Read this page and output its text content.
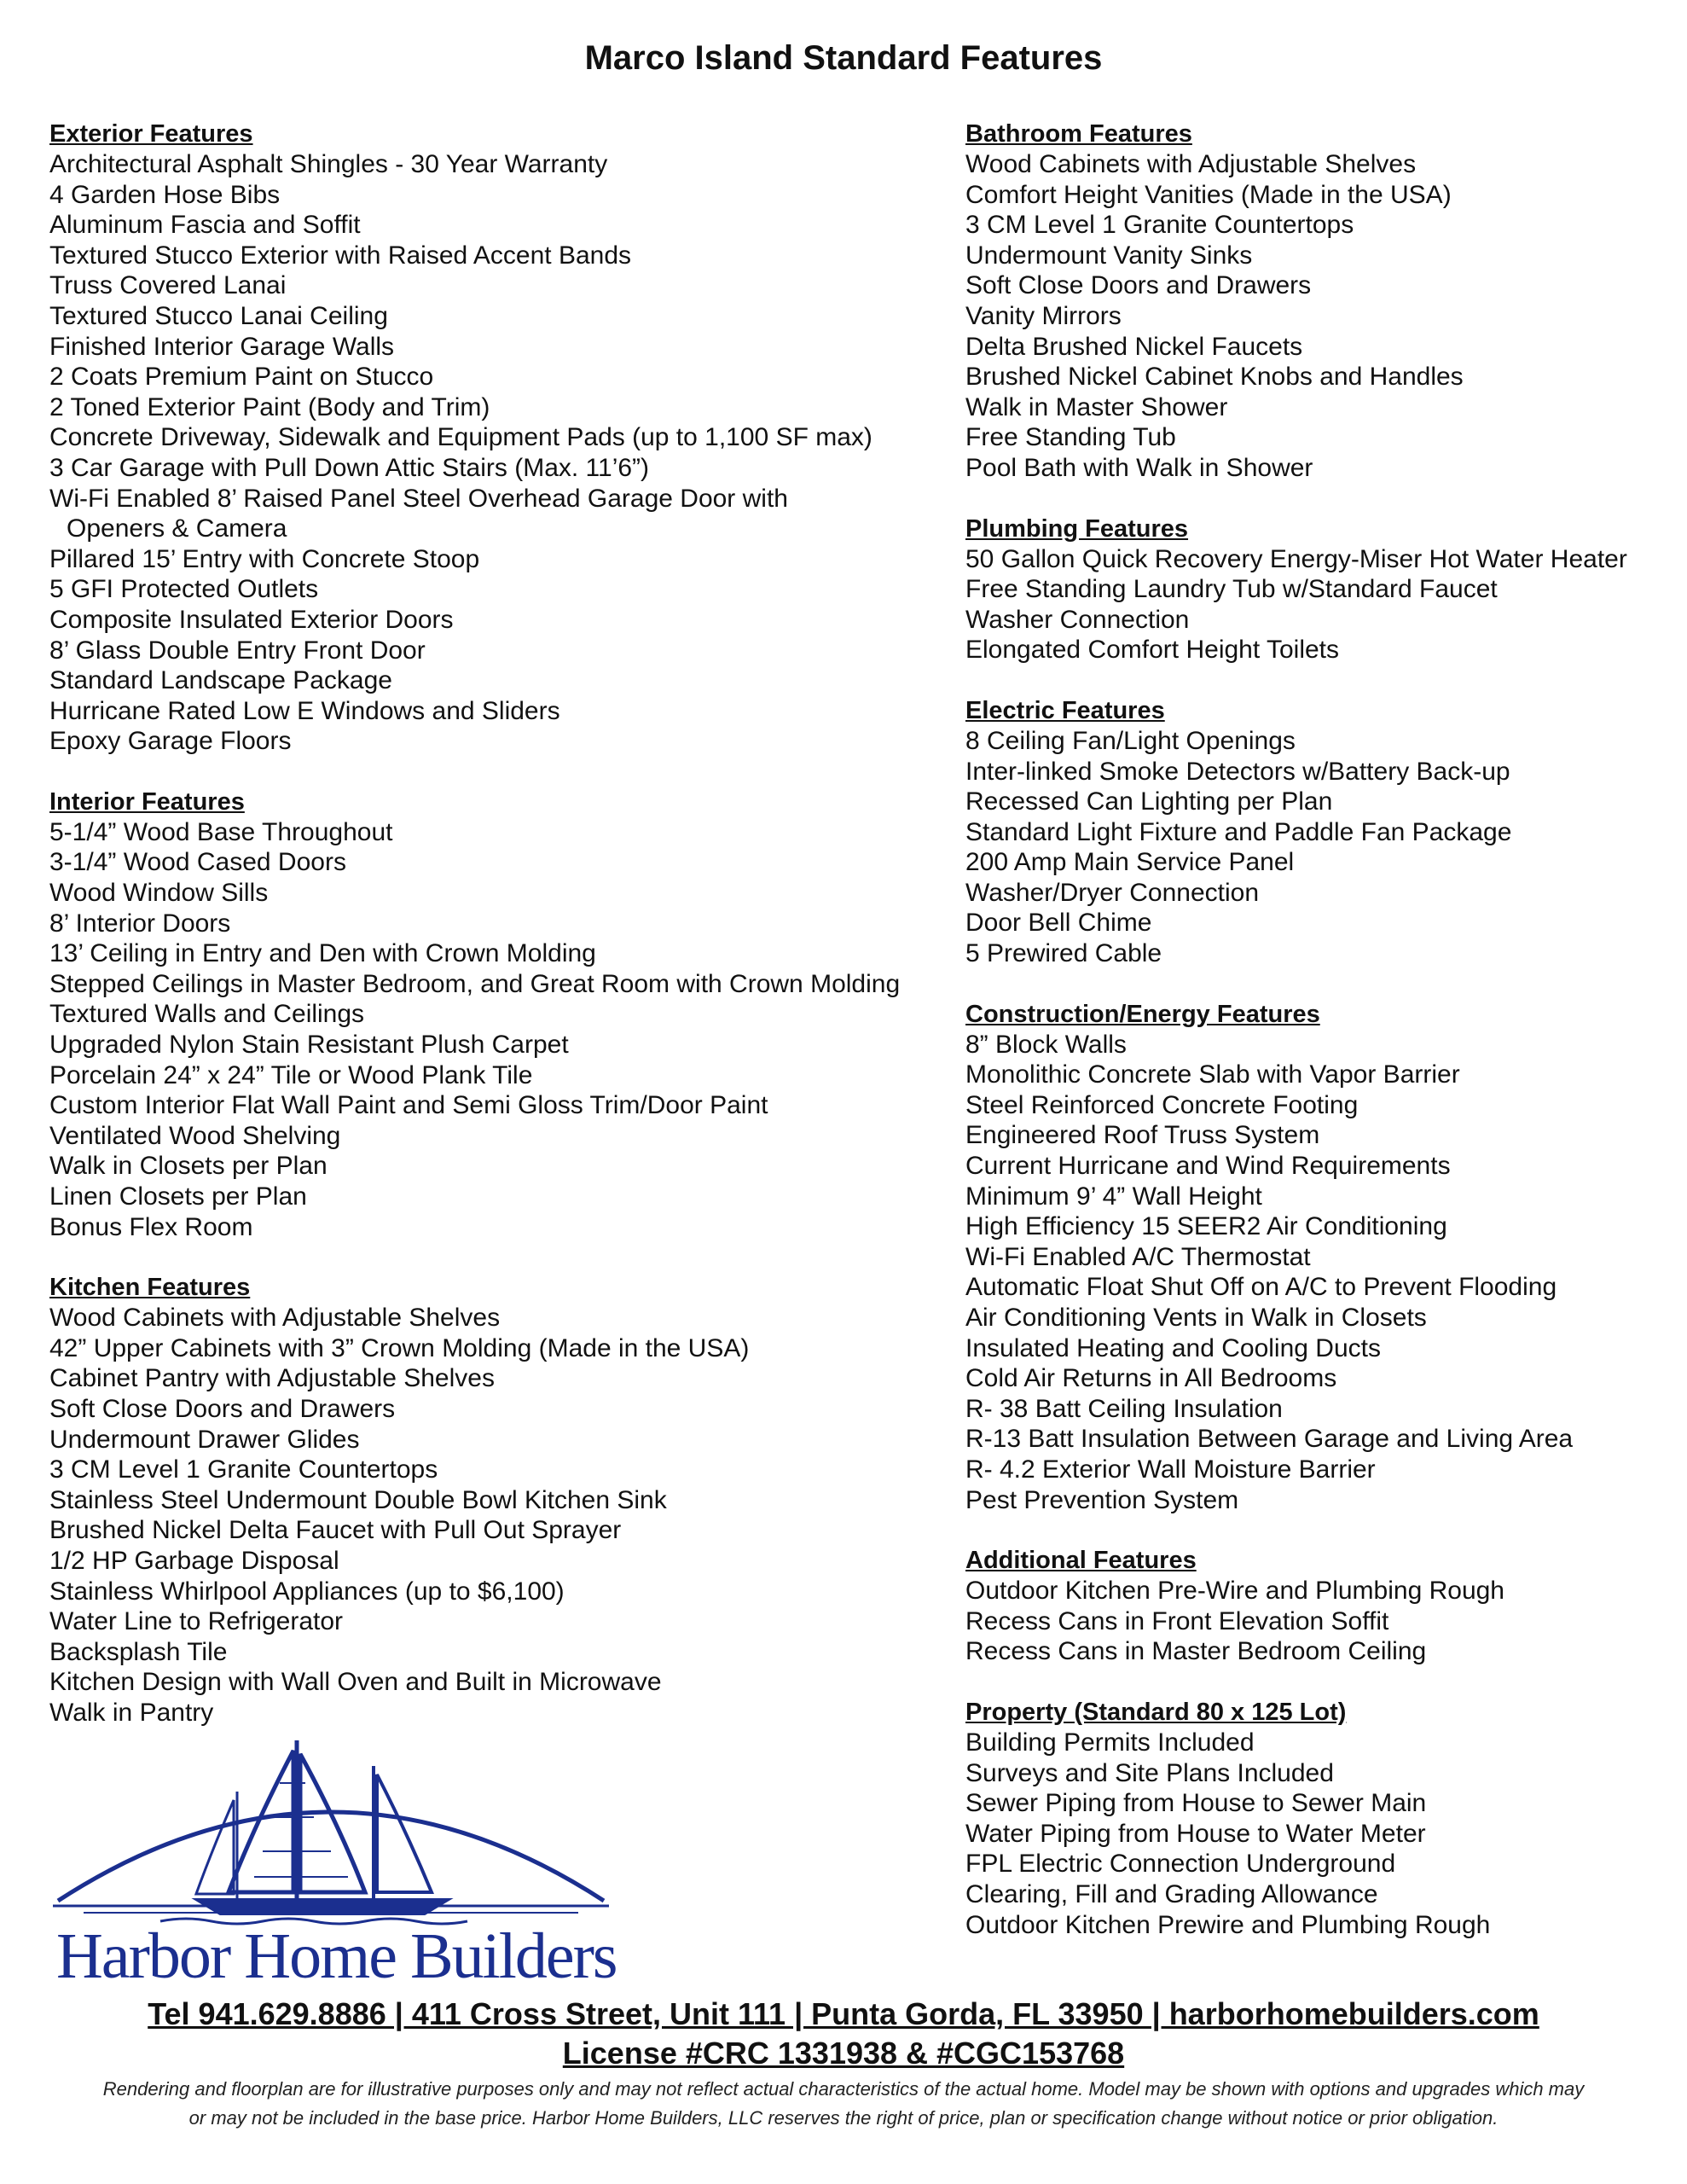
Marco Island Standard Features
Exterior Features
Architectural Asphalt Shingles - 30 Year Warranty
4 Garden Hose Bibs
Aluminum Fascia and Soffit
Textured Stucco Exterior with Raised Accent Bands
Truss Covered Lanai
Textured Stucco Lanai Ceiling
Finished Interior Garage Walls
2 Coats Premium Paint on Stucco
2 Toned Exterior Paint (Body and Trim)
Concrete Driveway, Sidewalk and Equipment Pads (up to 1,100 SF max)
3 Car Garage with Pull Down Attic Stairs (Max. 11’6”)
Wi-Fi Enabled 8’ Raised Panel Steel Overhead Garage Door with
Openers & Camera
Pillared 15’ Entry with Concrete Stoop
5 GFI Protected Outlets
Composite Insulated Exterior Doors
8’ Glass Double Entry Front Door
Standard Landscape Package
Hurricane Rated Low E Windows and Sliders
Epoxy Garage Floors
Interior Features
5-1/4” Wood Base Throughout
3-1/4” Wood Cased Doors
Wood Window Sills
8’ Interior Doors
13’ Ceiling in Entry and Den with Crown Molding
Stepped Ceilings in Master Bedroom, and Great Room with Crown Molding
Textured Walls and Ceilings
Upgraded Nylon Stain Resistant Plush Carpet
Porcelain 24” x 24” Tile or Wood Plank Tile
Custom Interior Flat Wall Paint and Semi Gloss Trim/Door Paint
Ventilated Wood Shelving
Walk in Closets per Plan
Linen Closets per Plan
Bonus Flex Room
Kitchen Features
Wood Cabinets with Adjustable Shelves
42” Upper Cabinets with 3” Crown Molding (Made in the USA)
Cabinet Pantry with Adjustable Shelves
Soft Close Doors and Drawers
Undermount Drawer Glides
3 CM Level 1 Granite Countertops
Stainless Steel Undermount Double Bowl Kitchen Sink
Brushed Nickel Delta Faucet with Pull Out Sprayer
1/2 HP Garbage Disposal
Stainless Whirlpool Appliances (up to $6,100)
Water Line to Refrigerator
Backsplash Tile
Kitchen Design with Wall Oven and Built in Microwave
Walk in Pantry
Bathroom Features
Wood Cabinets with Adjustable Shelves
Comfort Height Vanities (Made in the USA)
3 CM Level 1 Granite Countertops
Undermount Vanity Sinks
Soft Close Doors and Drawers
Vanity Mirrors
Delta Brushed Nickel Faucets
Brushed Nickel Cabinet Knobs and Handles
Walk in Master Shower
Free Standing Tub
Pool Bath with Walk in Shower
Plumbing Features
50 Gallon Quick Recovery Energy-Miser Hot Water Heater
Free Standing Laundry Tub w/Standard Faucet
Washer Connection
Elongated Comfort Height Toilets
Electric Features
8 Ceiling Fan/Light Openings
Inter-linked Smoke Detectors w/Battery Back-up
Recessed Can Lighting per Plan
Standard Light Fixture and Paddle Fan Package
200 Amp Main Service Panel
Washer/Dryer Connection
Door Bell Chime
5 Prewired Cable
Construction/Energy Features
8” Block Walls
Monolithic Concrete Slab with Vapor Barrier
Steel Reinforced Concrete Footing
Engineered Roof Truss System
Current Hurricane and Wind Requirements
Minimum 9’ 4” Wall Height
High Efficiency 15 SEER2 Air Conditioning
Wi-Fi Enabled A/C Thermostat
Automatic Float Shut Off on A/C to Prevent Flooding
Air Conditioning Vents in Walk in Closets
Insulated Heating and Cooling Ducts
Cold Air Returns in All Bedrooms
R- 38 Batt Ceiling Insulation
R-13 Batt Insulation Between Garage and Living Area
R- 4.2 Exterior Wall Moisture Barrier
Pest Prevention System
Additional Features
Outdoor Kitchen Pre-Wire and Plumbing Rough
Recess Cans in Front Elevation Soffit
Recess Cans in Master Bedroom Ceiling
Property (Standard 80 x 125 Lot)
Building Permits Included
Surveys and Site Plans Included
Sewer Piping from House to Sewer Main
Water Piping from House to Water Meter
FPL Electric Connection Underground
Clearing, Fill and Grading Allowance
Outdoor Kitchen Prewire and Plumbing Rough
Harbor Home Builders
Tel 941.629.8886 | 411 Cross Street, Unit 111 | Punta Gorda, FL 33950 | harborhomebuilders.com
License #CRC 1331938 & #CGC153768
Rendering and floorplan are for illustrative purposes only and may not reflect actual characteristics of the actual home. Model may be shown with options and upgrades which may
or may not be included in the base price. Harbor Home Builders, LLC reserves the right of price, plan or specification change without notice or prior obligation.
